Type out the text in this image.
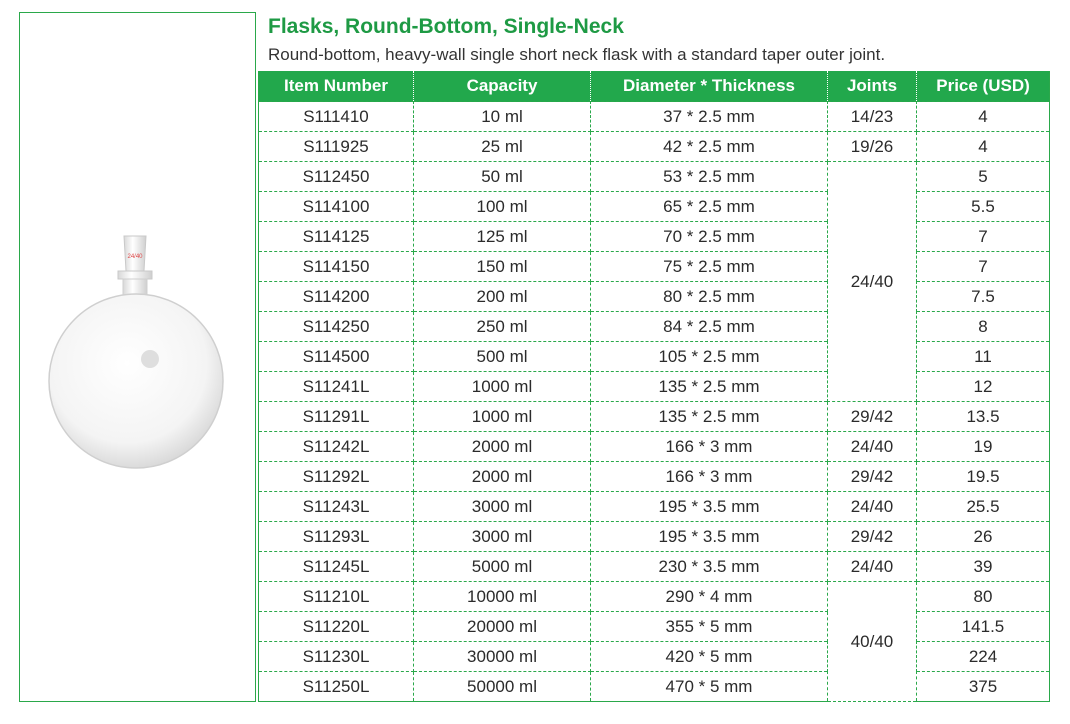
24/40
Flasks, Round-Bottom, Single-Neck
Round-bottom, heavy-wall single short neck flask with a standard taper outer joint.
Item Number	Capacity	Diameter * Thickness	Joints	Price (USD)
S111410	10 ml	37 * 2.5 mm	14/23	4
S111925	25 ml	42 * 2.5 mm	19/26	4
S112450	50 ml	53 * 2.5 mm	24/40	5
S114100	100 ml	65 * 2.5 mm		5.5
S114125	125 ml	70 * 2.5 mm		7
S114150	150 ml	75 * 2.5 mm		7
S114200	200 ml	80 * 2.5 mm		7.5
S114250	250 ml	84 * 2.5 mm		8
S114500	500 ml	105 * 2.5 mm		11
S11241L	1000 ml	135 * 2.5 mm		12
S11291L	1000 ml	135 * 2.5 mm	29/42	13.5
S11242L	2000 ml	166 * 3 mm	24/40	19
S11292L	2000 ml	166 * 3 mm	29/42	19.5
S11243L	3000 ml	195 * 3.5 mm	24/40	25.5
S11293L	3000 ml	195 * 3.5 mm	29/42	26
S11245L	5000 ml	230 * 3.5 mm	24/40	39
S11210L	10000 ml	290 * 4 mm	40/40	80
S11220L	20000 ml	355 * 5 mm		141.5
S11230L	30000 ml	420 * 5 mm		224
S11250L	50000 ml	470 * 5 mm		375
